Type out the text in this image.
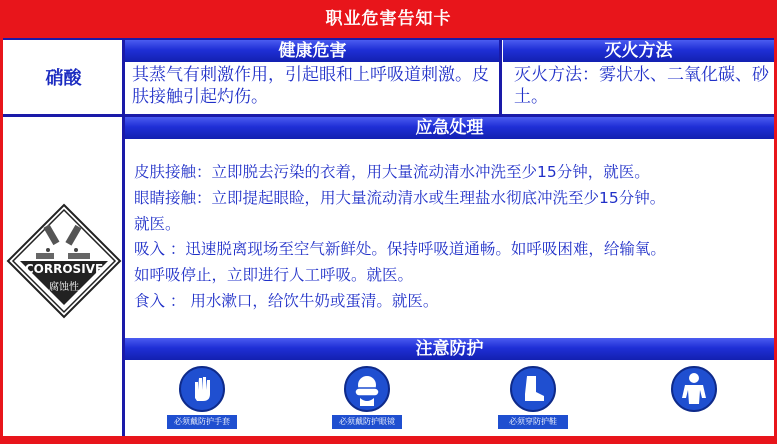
职业危害告知卡
硝酸
健康危害	灭火方法
其蒸气有刺激作用，引起眼和上呼吸道刺激。皮肤接触引起灼伤。
灭火方法：雾状水、二氧化碳、砂土。
应急处理
皮肤接触：立即脱去污染的衣着，用大量流动清水冲洗至少15分钟，就医。
眼睛接触：立即提起眼睑，用大量流动清水或生理盐水彻底冲洗至少15分钟。
就医。
吸入 ：迅速脱离现场至空气新鲜处。保持呼吸道通畅。如呼吸困难，给输氧。
如呼吸停止，立即进行人工呼吸。就医。
食入 ： 用水漱口，给饮牛奶或蛋清。就医。
注意防护
CORROSIVE
腐蚀性
必须戴防护手套	必须戴防护眼镜	必须穿防护鞋
